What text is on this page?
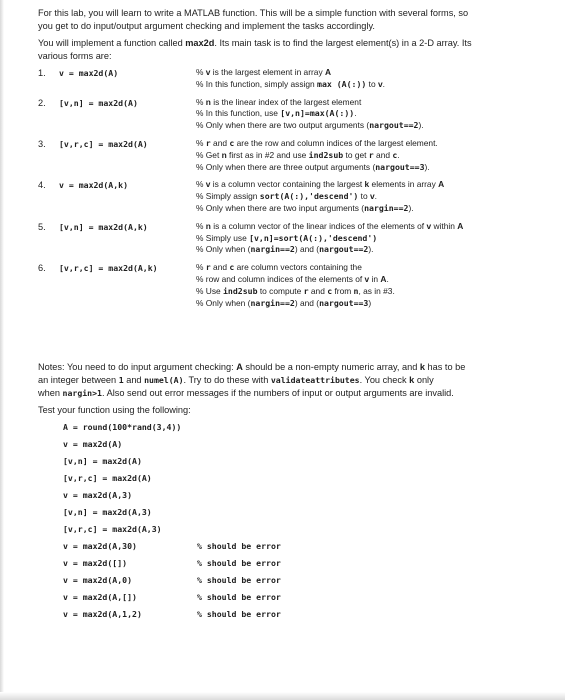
For this lab, you will learn to write a MATLAB function. This will be a simple function with several forms, so

you get to do input/output argument checking and implement the tasks accordingly.

You will implement a function called max2d. Its main task is to find the largest element(s) in a 2-D array. Its

various forms are:

1.	v = max2d(A)	% v is the largest element in array A
% In this function, simply assign max (A(:)) to v.
2.	[v,n] = max2d(A)	% n is the linear index of the largest element
% In this function, use [v,n]=max(A(:)).
% Only when there are two output arguments (nargout==2).
3.	[v,r,c] = max2d(A)	% r and c are the row and column indices of the largest element.
% Get n first as in #2 and use ind2sub to get r and c.
% Only when there are three output arguments (nargout==3).
4.	v = max2d(A,k)	% v is a column vector containing the largest k elements in array A
% Simply assign sort(A(:),'descend') to v.
% Only when there are two input arguments (nargin==2).
5.	[v,n] = max2d(A,k)	% n is a column vector of the linear indices of the elements of v within A
% Simply use [v,n]=sort(A(:),'descend')
% Only when (nargin==2) and (nargout==2).
6.	[v,r,c] = max2d(A,k)	% r and c are column vectors containing the
% row and column indices of the elements of v in A.
% Use ind2sub to compute r and c from n, as in #3.
% Only when (nargin==2) and (nargout==3)
Notes: You need to do input argument checking: A should be a non-empty numeric array, and k has to be
an integer between 1 and numel(A). Try to do these with validateattributes. You check k only
when nargin>1. Also send out error messages if the numbers of input or output arguments are invalid.

Test your function using the following:

A = round(100*rand(3,4))
v = max2d(A)
[v,n] = max2d(A)
[v,r,c] = max2d(A)
v = max2d(A,3)
[v,n] = max2d(A,3)
[v,r,c] = max2d(A,3)
v = max2d(A,30)	% should be error
v = max2d([])	% should be error
v = max2d(A,0)	% should be error
v = max2d(A,[])	% should be error
v = max2d(A,1,2)	% should be error
